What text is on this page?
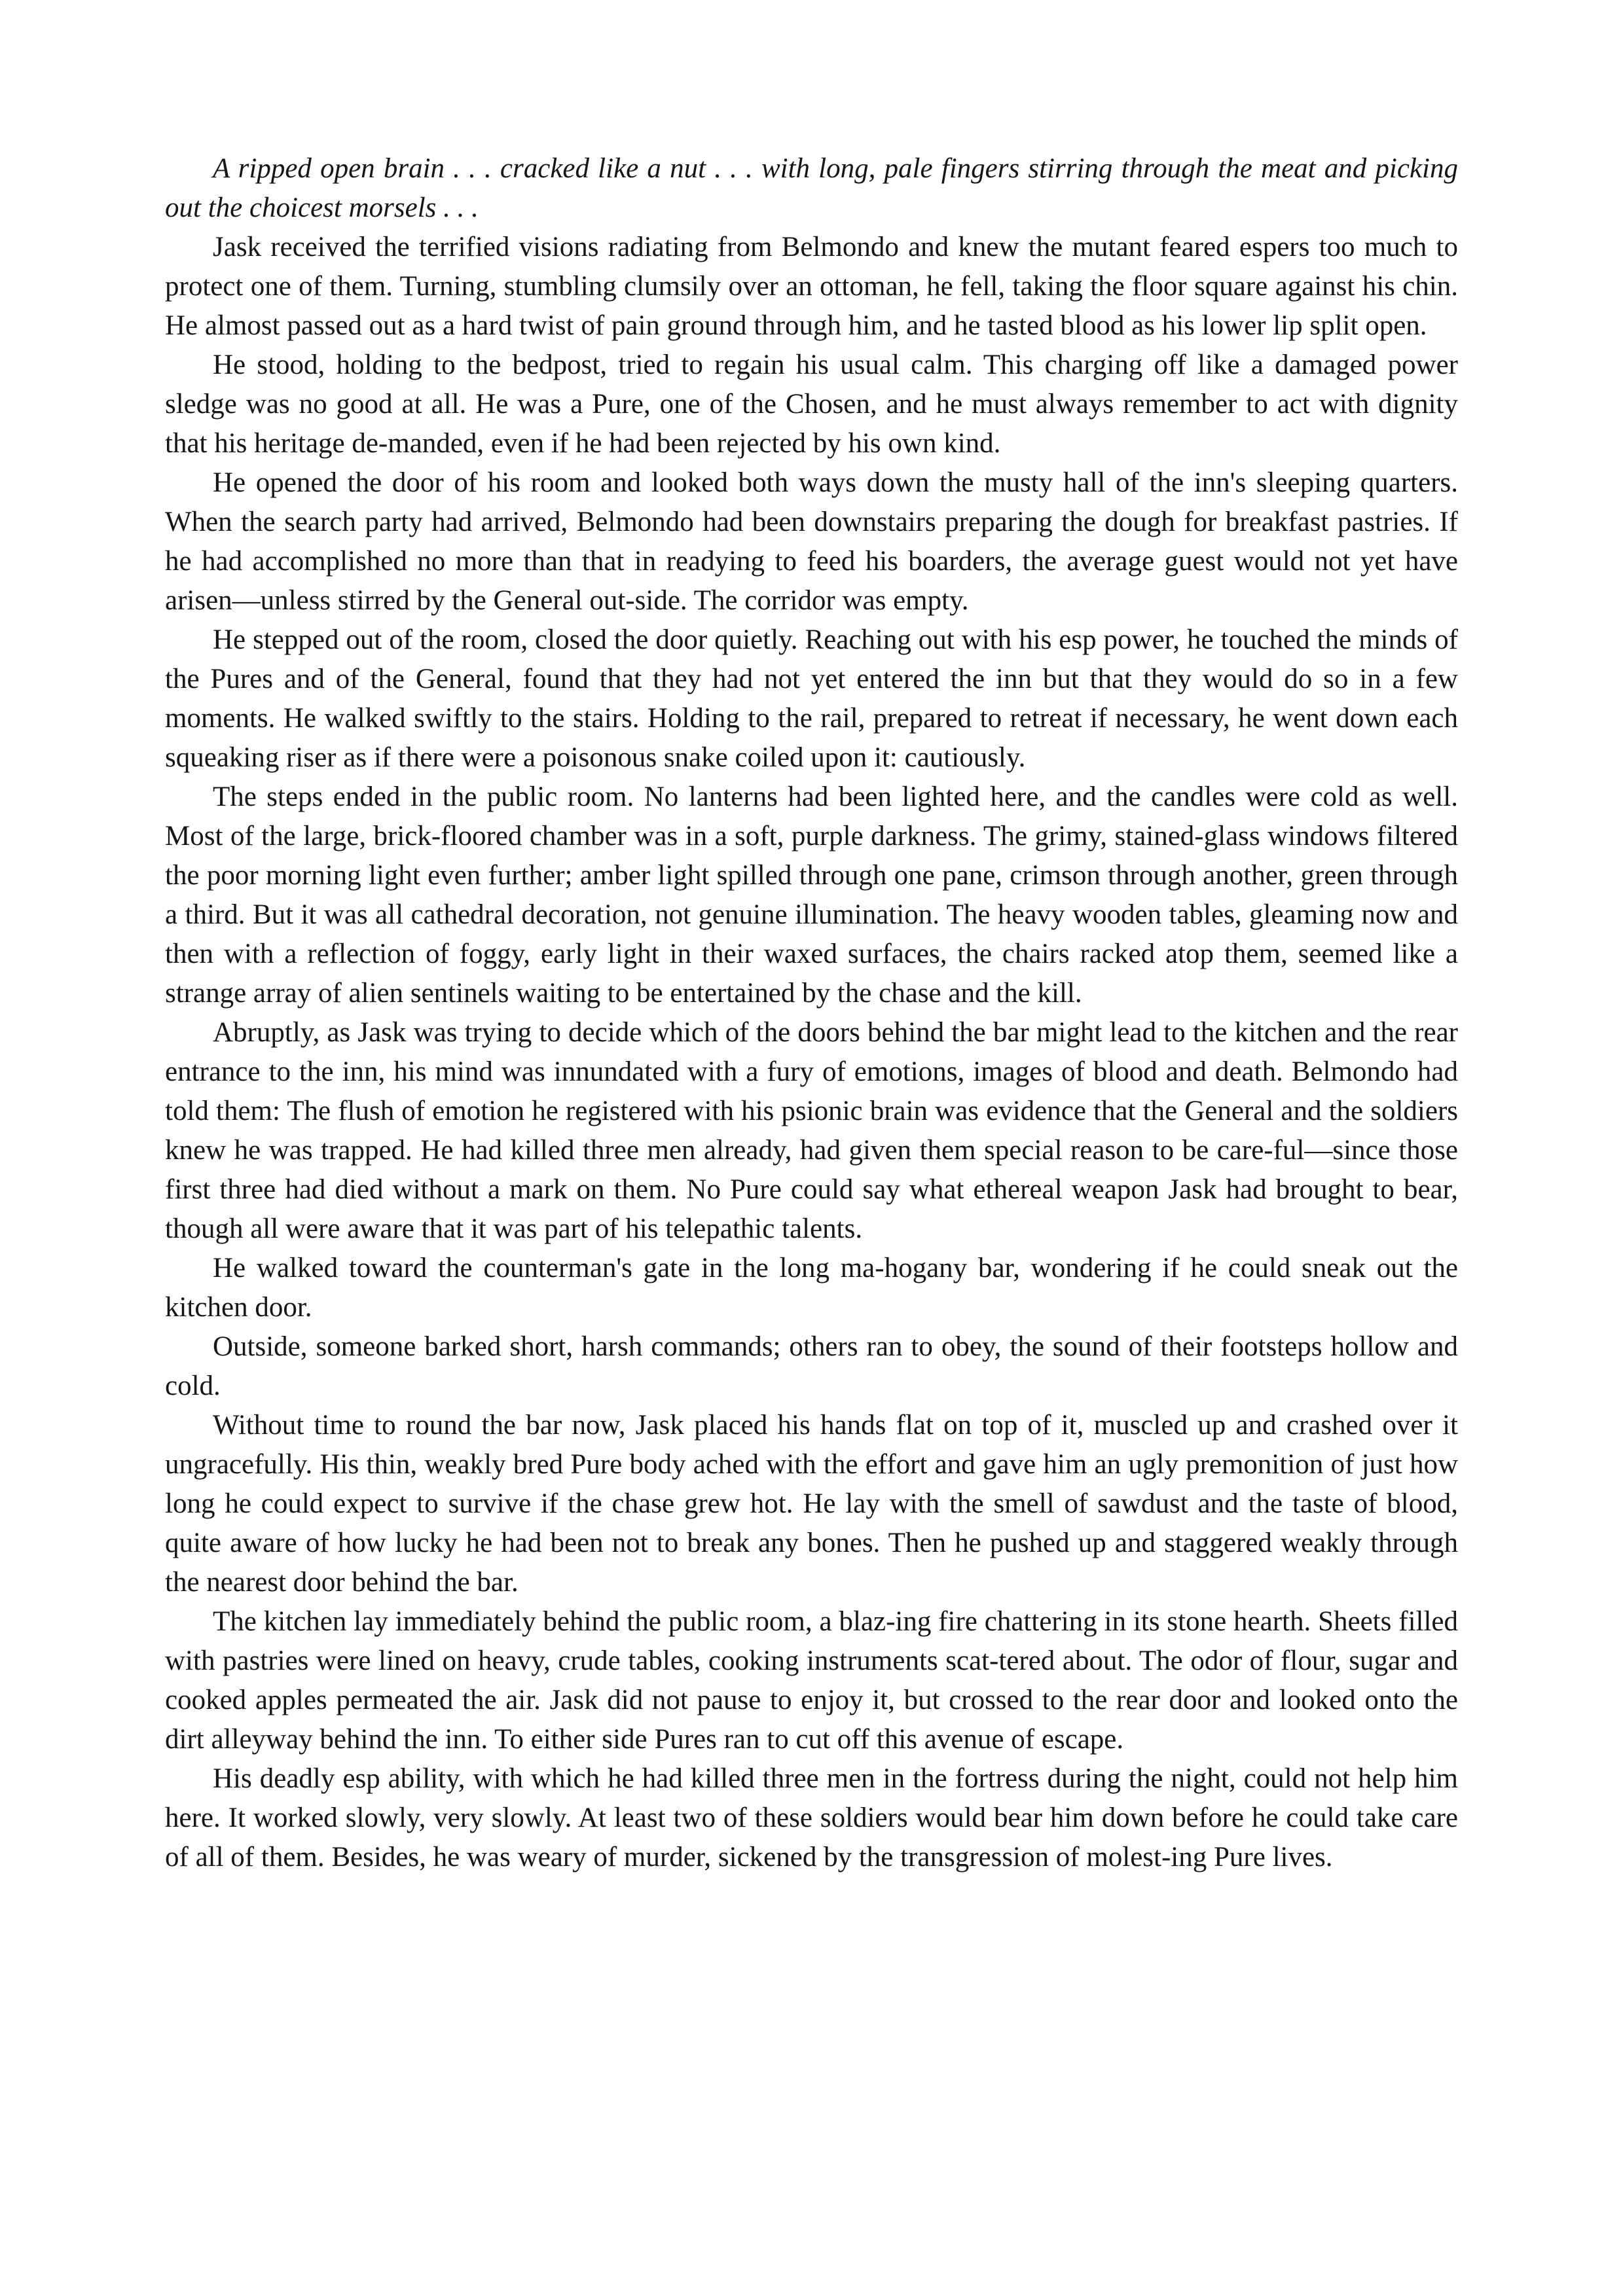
A ripped open brain . . . cracked like a nut . . . with long, pale fingers stirring through the meat and picking out the choicest morsels . . .

Jask received the terrified visions radiating from Belmondo and knew the mutant feared espers too much to protect one of them. Turning, stumbling clumsily over an ottoman, he fell, taking the floor square against his chin. He almost passed out as a hard twist of pain ground through him, and he tasted blood as his lower lip split open.

He stood, holding to the bedpost, tried to regain his usual calm. This charging off like a damaged power sledge was no good at all. He was a Pure, one of the Chosen, and he must always remember to act with dignity that his heritage de-manded, even if he had been rejected by his own kind.

He opened the door of his room and looked both ways down the musty hall of the inn's sleeping quarters. When the search party had arrived, Belmondo had been downstairs preparing the dough for breakfast pastries. If he had accomplished no more than that in readying to feed his boarders, the average guest would not yet have arisen—unless stirred by the General out-side. The corridor was empty.

He stepped out of the room, closed the door quietly. Reaching out with his esp power, he touched the minds of the Pures and of the General, found that they had not yet entered the inn but that they would do so in a few moments. He walked swiftly to the stairs. Holding to the rail, prepared to retreat if necessary, he went down each squeaking riser as if there were a poisonous snake coiled upon it: cautiously.

The steps ended in the public room. No lanterns had been lighted here, and the candles were cold as well. Most of the large, brick-floored chamber was in a soft, purple darkness. The grimy, stained-glass windows filtered the poor morning light even further; amber light spilled through one pane, crimson through another, green through a third. But it was all cathedral decoration, not genuine illumination. The heavy wooden tables, gleaming now and then with a reflection of foggy, early light in their waxed surfaces, the chairs racked atop them, seemed like a strange array of alien sentinels waiting to be entertained by the chase and the kill.

Abruptly, as Jask was trying to decide which of the doors behind the bar might lead to the kitchen and the rear entrance to the inn, his mind was innundated with a fury of emotions, images of blood and death. Belmondo had told them: The flush of emotion he registered with his psionic brain was evidence that the General and the soldiers knew he was trapped. He had killed three men already, had given them special reason to be care-ful—since those first three had died without a mark on them. No Pure could say what ethereal weapon Jask had brought to bear, though all were aware that it was part of his telepathic talents.

He walked toward the counterman's gate in the long ma-hogany bar, wondering if he could sneak out the kitchen door.

Outside, someone barked short, harsh commands; others ran to obey, the sound of their footsteps hollow and cold.

Without time to round the bar now, Jask placed his hands flat on top of it, muscled up and crashed over it ungracefully. His thin, weakly bred Pure body ached with the effort and gave him an ugly premonition of just how long he could expect to survive if the chase grew hot. He lay with the smell of sawdust and the taste of blood, quite aware of how lucky he had been not to break any bones. Then he pushed up and staggered weakly through the nearest door behind the bar.

The kitchen lay immediately behind the public room, a blaz-ing fire chattering in its stone hearth. Sheets filled with pastries were lined on heavy, crude tables, cooking instruments scat-tered about. The odor of flour, sugar and cooked apples permeated the air. Jask did not pause to enjoy it, but crossed to the rear door and looked onto the dirt alleyway behind the inn. To either side Pures ran to cut off this avenue of escape.

His deadly esp ability, with which he had killed three men in the fortress during the night, could not help him here. It worked slowly, very slowly. At least two of these soldiers would bear him down before he could take care of all of them. Besides, he was weary of murder, sickened by the transgression of molest-ing Pure lives.
